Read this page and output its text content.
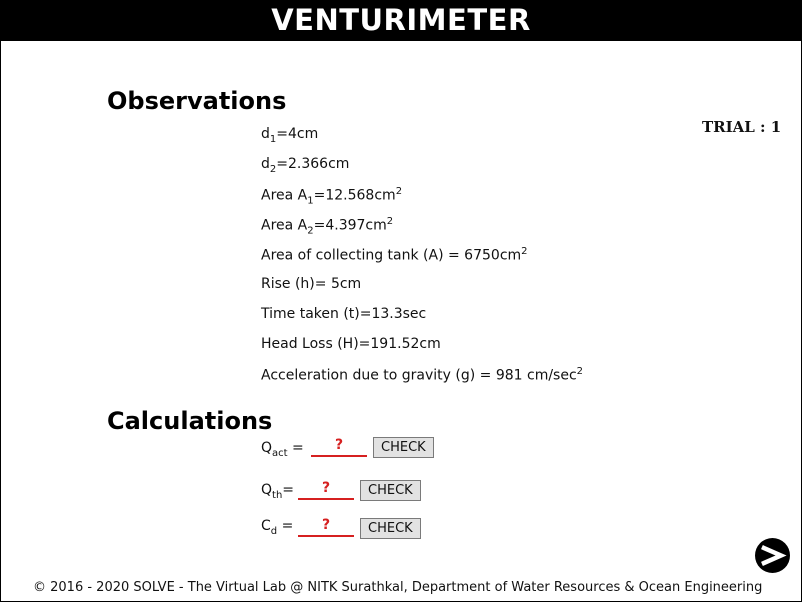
VENTURIMETER
Observations
TRIAL : 1
$d_1=4cm$
$d_2=2.366cm$
Area $A_1=12.568cm^2$
Area $A_2=4.397cm^2$
Area of collecting tank $(A) = 6750cm^2$
Rise (h)= 5cm
Time taken (t)=13.3sec
Head Loss (H)=191.52cm
Acceleration due to gravity (g) = 981 $cm/\sec^2$
Calculations
$Q_{act}$ =	?	CHECK
$Q_{th}=$	?	CHECK
$C_d$ =	?	CHECK
© 2016 - 2020 SOLVE - The Virtual Lab @ NITK Surathkal, Department of Water Resources & Ocean Engineering
